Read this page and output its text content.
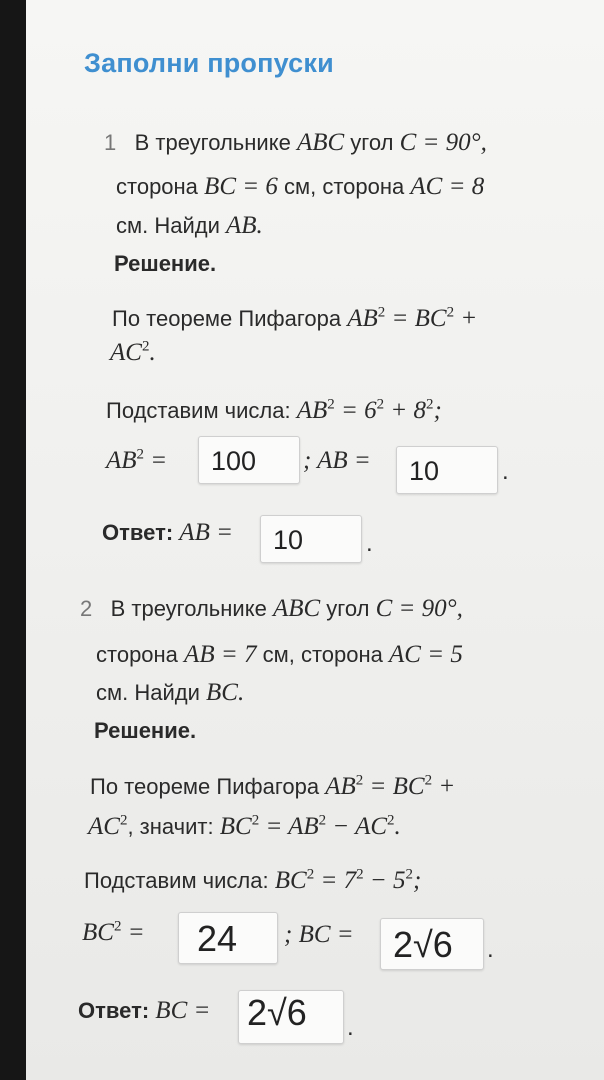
Заполни пропуски
1 В треугольнике ABC угол C = 90°,
сторона BC = 6 см, сторона AC = 8
см. Найди AB.
Решение.
По теореме Пифагора $AB^2 = BC^2$ +
$AC^2$.
Подставим числа: $AB^2 = 6^2 + 8^2$;
$AB^2$ =	100	; AB =	10	.
Ответ: AB =	10	.
2 В треугольнике ABC угол C = 90°,
сторона AB = 7 см, сторона AC = 5
см. Найди BC.
Решение.
По теореме Пифагора $AB^2 = BC^2$ +
$AC^2$, значит: $BC^2 = AB^2 - AC^2$.
Подставим числа: $BC^2 = 7^2 - 5^2$;
$BC^2$ =	24	; BC =	2√6	.
Ответ: BC = 2√6	.
